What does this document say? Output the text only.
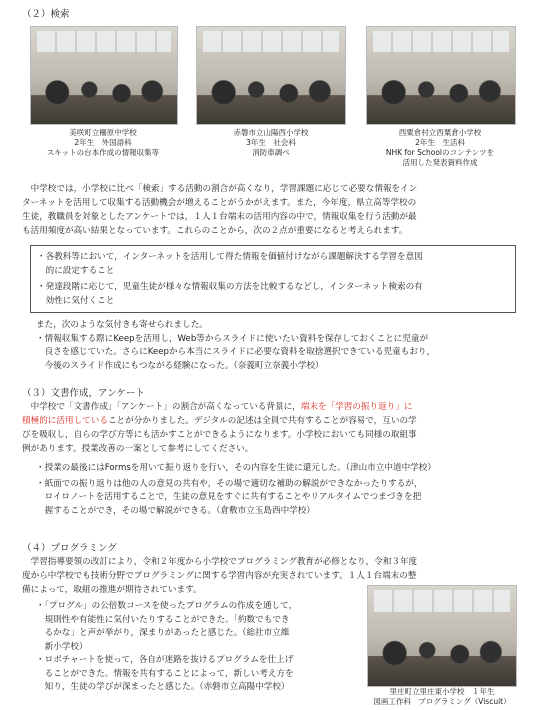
（２）検索
美咲町立柵原中学校
2年生　外国語科
スキットの台本作成の情報収集等
赤磐市立山陽西小学校
3年生　社会科
消防車調べ
西粟倉村立西粟倉小学校
2年生　生活科
NHK for Schoolのコンテンツを
活用した発表資料作成
　中学校では，小学校に比べ「検索」する活動の割合が高くなり，学習課題に応じて必要な情報をイン
ターネットを活用して収集する活動機会が増えることがうかがえます。また，今年度，県立高等学校の
生徒，教職員を対象としたアンケートでは，１人１台端末の活用内容の中で，情報収集を行う活動が最
も活用頻度が高い結果となっています。これらのことから，次の２点が重要になると考えられます。
・各教科等において，インターネットを活用して得た情報を価値付けながら課題解決する学習を意図
　的に設定すること
・発達段階に応じて，児童生徒が様々な情報収集の方法を比較するなどし，インターネット検索の有
　効性に気付くこと
また，次のような気付きも寄せられました。
・情報収集する際にKeepを活用し，Web等からスライドに使いたい資料を保存しておくことに児童が
　良さを感じていた。さらにKeepから本当にスライドに必要な資料を取捨選択できている児童もおり，
　今後のスライド作成にもつながる経験になった。（奈義町立奈義小学校）
（３）文書作成，アンケート
　中学校で「文書作成」「アンケート」の割合が高くなっている背景に，端末を「学習の振り返り」に
積極的に活用していることが分かりました。デジタルの記述は全員で共有することが容易で，互いの学
びを吸収し，自らの学び方等にも活かすことができるようになります。小学校においても同様の取組事
例があります。授業改善の一案として参考にしてください。
・授業の最後にはFormsを用いて振り返りを行い，その内容を生徒に還元した。（津山市立中道中学校）
・紙面での振り返りは他の人の意見の共有や，その場で適切な補助の解説ができなかったりするが，
　ロイロノートを活用することで，生徒の意見をすぐに共有することやリアルタイムでつまづきを把
　握することができ，その場で解説ができる。（倉敷市立玉島西中学校）
（４）プログラミング
　学習指導要領の改訂により，令和２年度から小学校でプログラミング教育が必修となり，令和３年度
度から中学校でも技術分野でプログラミングに関する学習内容が充実されています。１人１台端末の整
備によって，取組の推進が期待されています。
・「プログル」の公倍数コースを使ったプログラムの作成を通して，
　規則性や有能性に気付いたりすることができた。「約数でもでき
　るかな」と声が挙がり，深まりがあったと感じた。（総社市立維
　新小学校）
・ロボチャートを使って，各自が迷路を抜けるプログラムを仕上げ
　ることができた。情報を共有することによって，新しい考え方を
　知り，生徒の学びが深まったと感じた。（赤磐市立高陽中学校）	里庄町立里庄東小学校　１年生
図画工作科　プログラミング（Viscuit）
